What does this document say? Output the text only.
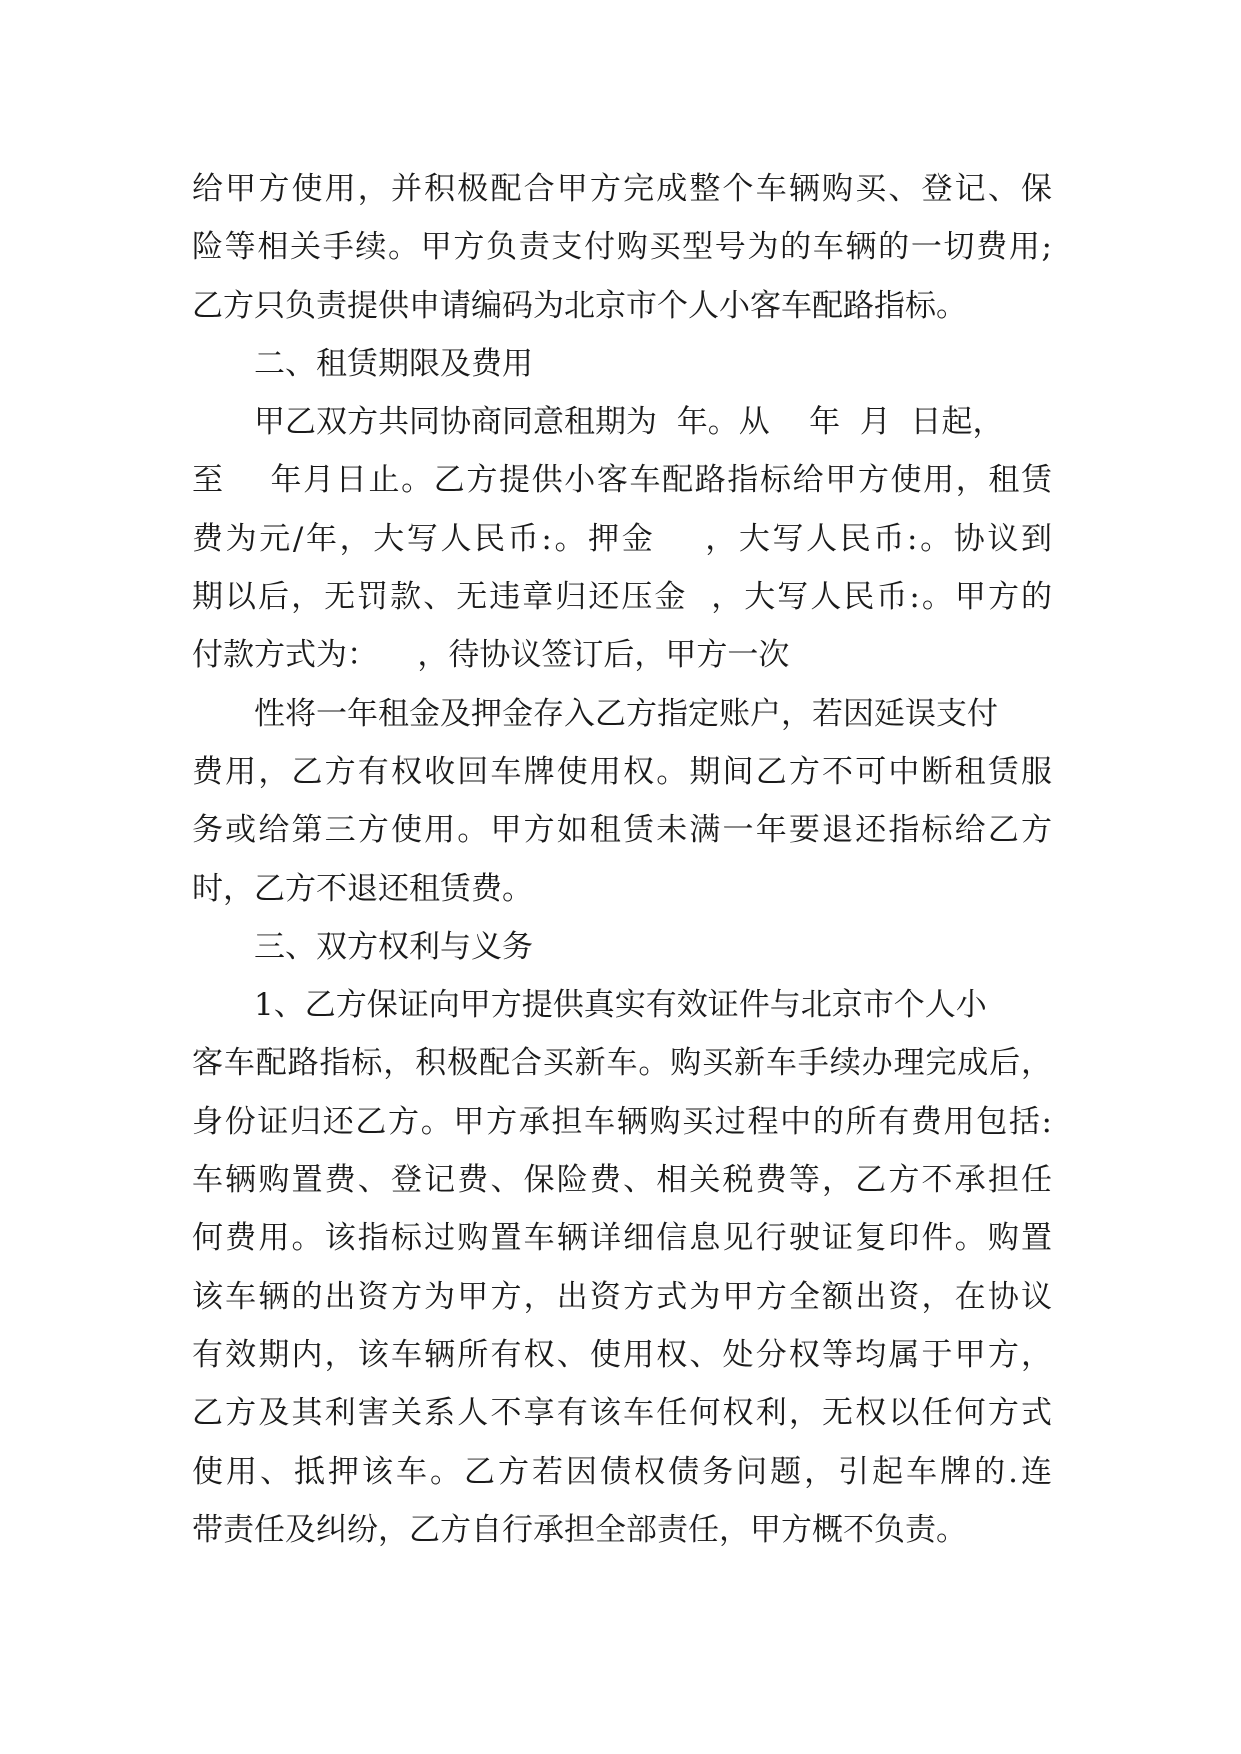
给甲方使用，并积极配合甲方完成整个车辆购买、登记、保
险等相关手续。甲方负责支付购买型号为的车辆的一切费用;
乙方只负责提供申请编码为北京市个人小客车配路指标。
二、租赁期限及费用
甲乙双方共同协商同意租期为  年。从    年  月  日起，
至    年月日止。乙方提供小客车配路指标给甲方使用，租赁
费为元/年，大写人民币:。押金    ，大写人民币:。协议到
期以后，无罚款、无违章归还压金  ，大写人民币:。甲方的
付款方式为：    ，待协议签订后，甲方一次
性将一年租金及押金存入乙方指定账户，若因延误支付
费用，乙方有权收回车牌使用权。期间乙方不可中断租赁服
务或给第三方使用。甲方如租赁未满一年要退还指标给乙方
时，乙方不退还租赁费。
三、双方权利与义务
1、乙方保证向甲方提供真实有效证件与北京市个人小
客车配路指标，积极配合买新车。购买新车手续办理完成后，
身份证归还乙方。甲方承担车辆购买过程中的所有费用包括:
车辆购置费、登记费、保险费、相关税费等，乙方不承担任
何费用。该指标过购置车辆详细信息见行驶证复印件。购置
该车辆的出资方为甲方，出资方式为甲方全额出资，在协议
有效期内，该车辆所有权、使用权、处分权等均属于甲方，
乙方及其利害关系人不享有该车任何权利，无权以任何方式
使用、抵押该车。乙方若因债权债务问题，引起车牌的.连
带责任及纠纷，乙方自行承担全部责任，甲方概不负责。
